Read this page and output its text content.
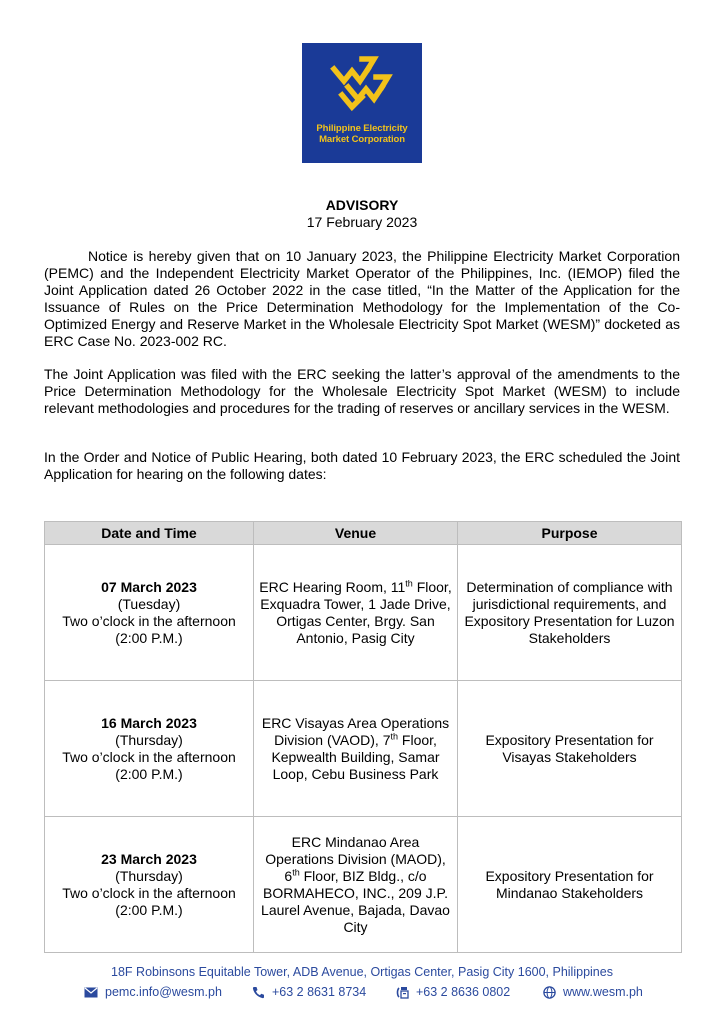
Philippine Electricity
Market Corporation
ADVISORY
17 February 2023

Notice is hereby given that on 10 January 2023, the Philippine Electricity Market Corporation (PEMC) and the Independent Electricity Market Operator of the Philippines, Inc. (IEMOP) filed the Joint Application dated 26 October 2022 in the case titled, “In the Matter of the Application for the Issuance of Rules on the Price Determination Methodology for the Implementation of the Co-Optimized Energy and Reserve Market in the Wholesale Electricity Spot Market (WESM)” docketed as ERC Case No. 2023-002 RC.

The Joint Application was filed with the ERC seeking the latter’s approval of the amendments to the Price Determination Methodology for the Wholesale Electricity Spot Market (WESM) to include relevant methodologies and procedures for the trading of reserves or ancillary services in the WESM.

In the Order and Notice of Public Hearing, both dated 10 February 2023, the ERC scheduled the Joint Application for hearing on the following dates:

Date and Time	Venue	Purpose

07 March 2023
(Tuesday)
Two o’clock in the afternoon
(2:00 P.M.)	ERC Hearing Room, 11th Floor, Exquadra Tower, 1 Jade Drive, Ortigas Center, Brgy. San Antonio, Pasig City	Determination of compliance with jurisdictional requirements, and Expository Presentation for Luzon Stakeholders

16 March 2023
(Thursday)
Two o’clock in the afternoon
(2:00 P.M.)	ERC Visayas Area Operations Division (VAOD), 7th Floor, Kepwealth Building, Samar Loop, Cebu Business Park	Expository Presentation for Visayas Stakeholders

23 March 2023
(Thursday)
Two o’clock in the afternoon
(2:00 P.M.)	ERC Mindanao Area Operations Division (MAOD), 6th Floor, BIZ Bldg., c/o BORMAHECO, INC., 209 J.P. Laurel Avenue, Bajada, Davao City	Expository Presentation for Mindanao Stakeholders
18F Robinsons Equitable Tower, ADB Avenue, Ortigas Center, Pasig City 1600, Philippines
pemc.info@wesm.ph	+63 2 8631 8734	+63 2 8636 0802	www.wesm.ph
